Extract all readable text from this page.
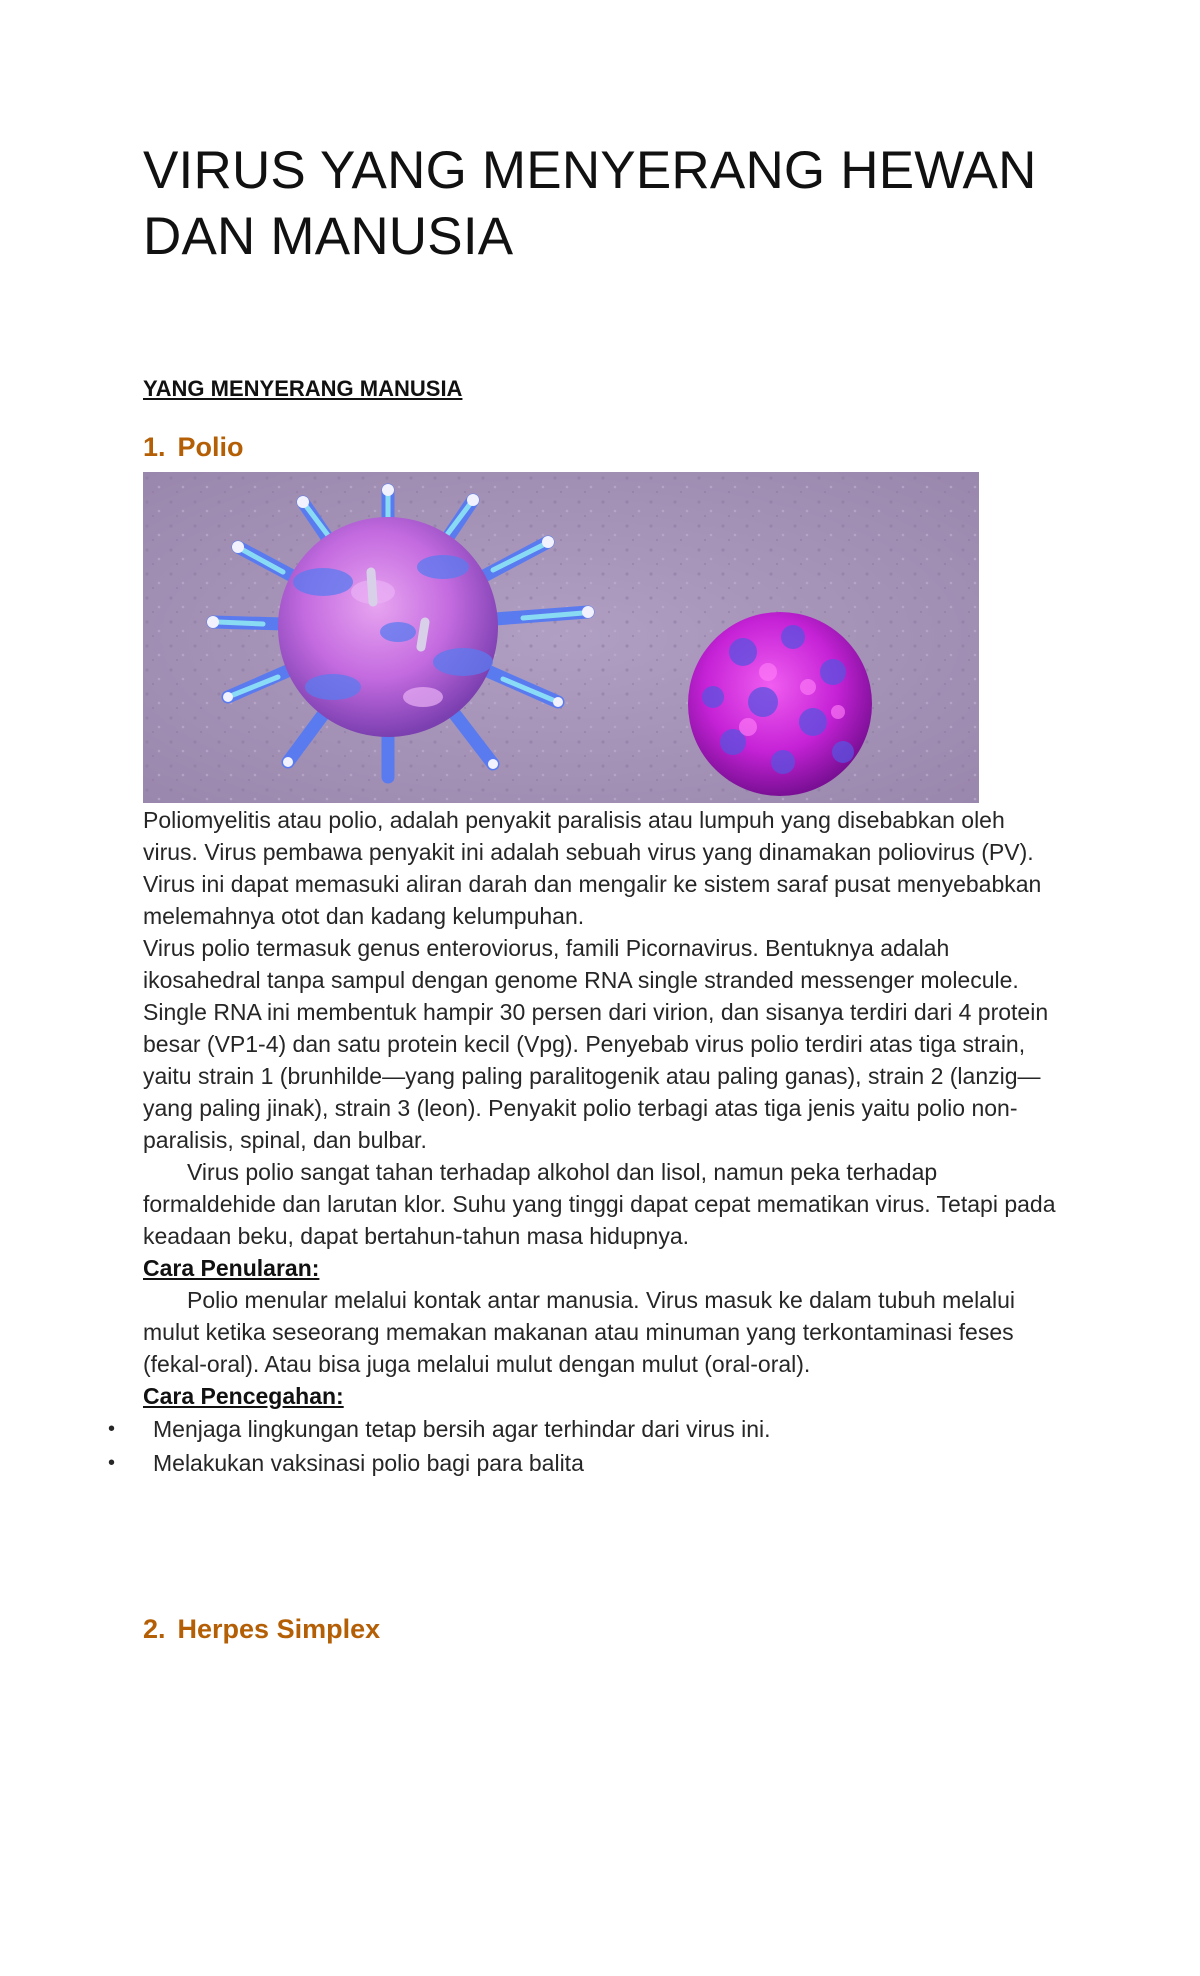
VIRUS YANG MENYERANG HEWAN DAN MANUSIA
YANG MENYERANG MANUSIA
1. Polio

Poliomyelitis atau polio, adalah penyakit paralisis atau lumpuh yang disebabkan oleh virus. Virus pembawa penyakit ini adalah sebuah virus yang dinamakan poliovirus (PV). Virus ini dapat memasuki aliran darah dan mengalir ke sistem saraf pusat menyebabkan melemahnya otot dan kadang kelumpuhan.

Virus polio termasuk genus enteroviorus, famili Picornavirus. Bentuknya adalah ikosahedral tanpa sampul dengan genome RNA single stranded messenger molecule. Single RNA ini membentuk hampir 30 persen dari virion, dan sisanya terdiri dari 4 protein besar (VP1-4) dan satu protein kecil (Vpg). Penyebab virus polio terdiri atas tiga strain, yaitu strain 1 (brunhilde—yang paling paralitogenik atau paling ganas), strain 2 (lanzig—yang paling jinak), strain 3 (leon). Penyakit polio terbagi atas tiga jenis yaitu polio non-paralisis, spinal, dan bulbar.

Virus polio sangat tahan terhadap alkohol dan lisol, namun peka terhadap formaldehide dan larutan klor. Suhu yang tinggi dapat cepat mematikan virus. Tetapi pada keadaan beku, dapat bertahun-tahun masa hidupnya.

Cara Penularan:

Polio menular melalui kontak antar manusia. Virus masuk ke dalam tubuh melalui mulut ketika seseorang memakan makanan atau minuman yang terkontaminasi feses (fekal-oral). Atau bisa juga melalui mulut dengan mulut (oral-oral).

Cara Pencegahan:

• Menjaga lingkungan tetap bersih agar terhindar dari virus ini.
• Melakukan vaksinasi polio bagi para balita
2. Herpes Simplex
